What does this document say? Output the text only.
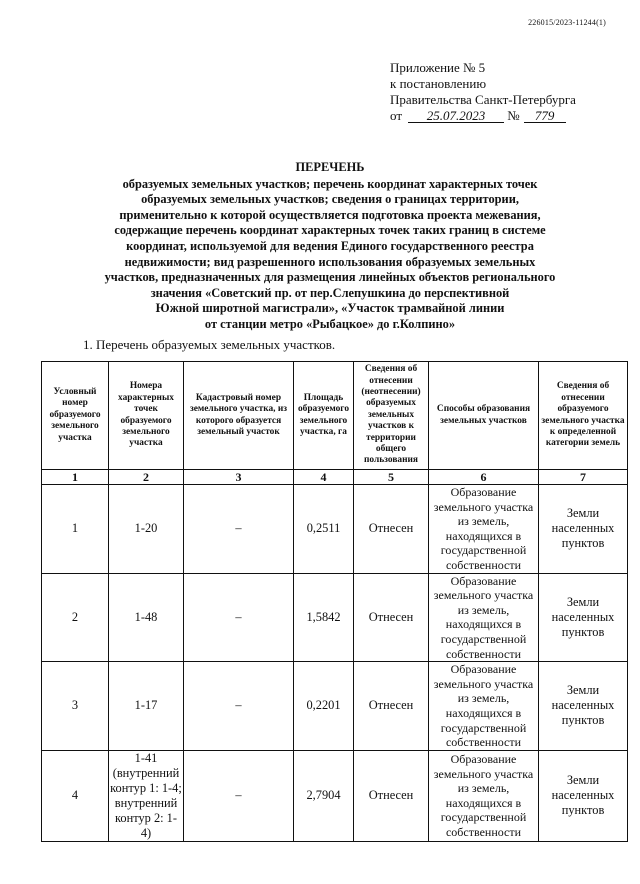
226015/2023-11244(1)
Приложение № 5
к постановлению
Правительства Санкт-Петербурга
от 25.07.2023 № 779
ПЕРЕЧЕНЬ
образуемых земельных участков; перечень координат характерных точек
образуемых земельных участков; сведения о границах территории,
применительно к которой осуществляется подготовка проекта межевания,
содержащие перечень координат характерных точек таких границ в системе
координат, используемой для ведения Единого государственного реестра
недвижимости; вид разрешенного использования образуемых земельных
участков, предназначенных для размещения линейных объектов регионального
значения «Советский пр. от пер.Слепушкина до перспективной
Южной широтной магистрали», «Участок трамвайной линии
от станции метро «Рыбацкое» до г.Колпино»
1. Перечень образуемых земельных участков.
Условный номер образуемого земельного участка	Номера характерных точек образуемого земельного участка	Кадастровый номер земельного участка, из которого образуется земельный участок	Площадь образуемого земельного участка, га	Сведения об отнесении (неотнесении) образуемых земельных участков к территории общего пользования	Способы образования земельных участков	Сведения об отнесении образуемого земельного участка к определенной категории земель
1	2	3	4	5	6	7
1	1-20	–	0,2511	Отнесен	Образование земельного участка из земель, находящихся в государственной собственности	Земли населенных пунктов
2	1-48	–	1,5842	Отнесен	Образование земельного участка из земель, находящихся в государственной собственности	Земли населенных пунктов
3	1-17	–	0,2201	Отнесен	Образование земельного участка из земель, находящихся в государственной собственности	Земли населенных пунктов
4	1-41 (внутренний контур 1: 1-4; внутренний контур 2: 1-4)	–	2,7904	Отнесен	Образование земельного участка из земель, находящихся в государственной собственности	Земли населенных пунктов
